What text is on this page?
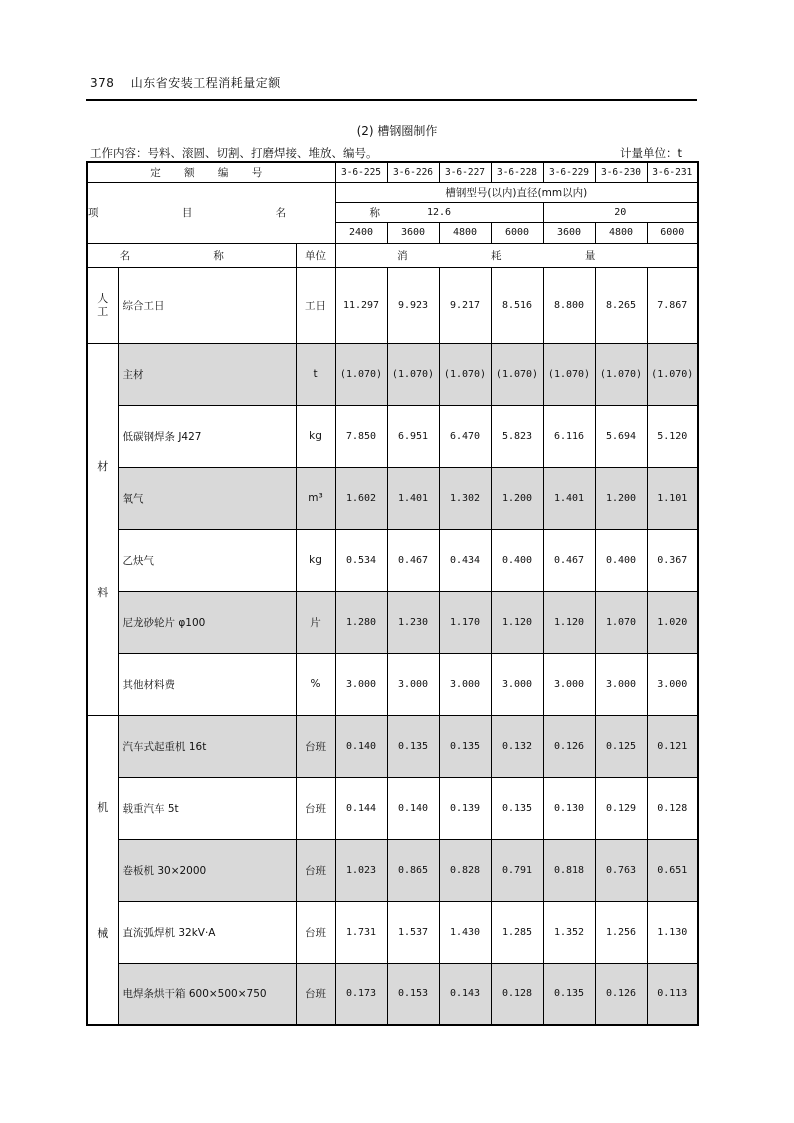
378 山东省安装工程消耗量定额
(2) 槽钢圈制作
工作内容：号料、滚圆、切割、打磨焊接、堆放、编号。	计量单位：t
定 额 编 号			3-6-225	3-6-226	3-6-227	3-6-228	3-6-229	3-6-230	3-6-231
项 目 名 称			槽钢型号(以内)直径(mm以内)						
			12.6				20		
			2400	3600	4800	6000	3600	4800	6000
名 称		单位	消 耗 量						

人工	综合工日	工日	11.297	9.923	9.217	8.516	8.800	8.265	7.867

材
料	主材	t	(1.070)	(1.070)	(1.070)	(1.070)	(1.070)	(1.070)	(1.070)
	低碳钢焊条 J427	kg	7.850	6.951	6.470	5.823	6.116	5.694	5.120
	氧气	m³	1.602	1.401	1.302	1.200	1.401	1.200	1.101
	乙炔气	kg	0.534	0.467	0.434	0.400	0.467	0.400	0.367
	尼龙砂轮片 φ100	片	1.280	1.230	1.170	1.120	1.120	1.070	1.020
	其他材料费	%	3.000	3.000	3.000	3.000	3.000	3.000	3.000

机
械	汽车式起重机 16t	台班	0.140	0.135	0.135	0.132	0.126	0.125	0.121
	载重汽车 5t	台班	0.144	0.140	0.139	0.135	0.130	0.129	0.128
	卷板机 30×2000	台班	1.023	0.865	0.828	0.791	0.818	0.763	0.651
	直流弧焊机 32kV·A	台班	1.731	1.537	1.430	1.285	1.352	1.256	1.130
	电焊条烘干箱 600×500×750	台班	0.173	0.153	0.143	0.128	0.135	0.126	0.113
